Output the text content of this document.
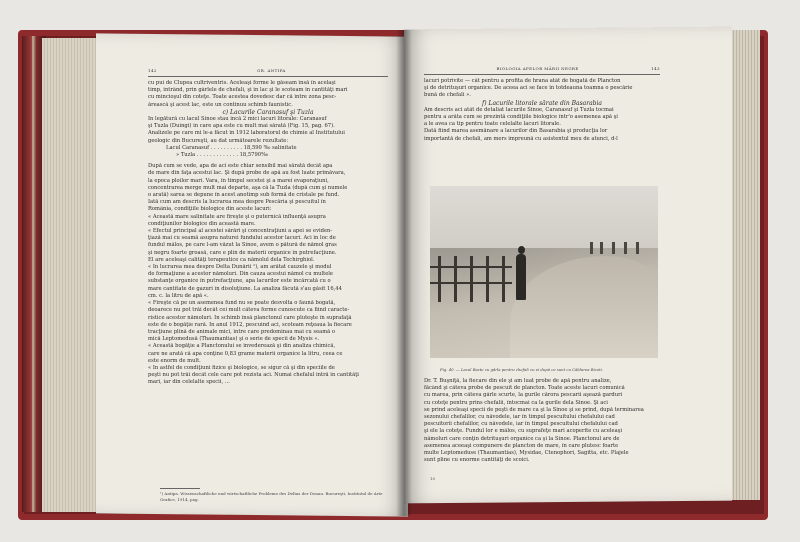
142	GR. ANTIPA
cu pui de Clupea cultriventris. Aceleaşi forme le găseam însă în acelaşi
timp, intrând, prin gârlele de chefali, şi în lac şi le scoteam în cantităţi mari
cu mincioşul din coteţe. Toate acestea dovedesc dar că între zona pesc-
ărească şi acest lac, este un continuu schimb faunistic.

c) Lacurile Caranasuf şi Tuzla

In legătură cu lacul Sinoe stau încă 2 mici lacuri litorale: Caranasuf
şi Tuzla (Duingi) în care apa este cu mult mai sărată (Fig. 15, pag. 67).
Analizele pe care mi le-a făcut în 1912 laboratorul de chimie al Institutului
geologic din Bucureşti, au dat următoarele rezultate:

Lacul Caranasuf . . . . . . . . . . 18,590 ‰ salinitate

» Tuzla . . . . . . . . . . . . . 18,5790‰

După cum se vede, apa de aci este chiar sensibil mai sărată decât apa
de mare din faţa acestui lac. Şi după probe de apă au fost luate primăvara,
la epoca ploilor mari. Vara, în timpul secetei şi a marei evaporaţiuni,
concentrarea merge mult mai departe, aşa că la Tuzla (după cum şi numele
o arată) sarea se depune în acest anotimp sub formă de cristale pe fund.
Iată cum am descris la lucrarea mea despre Pescăria şi pescuitul în
România, condiţiile biologice din aceste lacuri:
« Această mare salinitate are fireşte şi o puternică influenţă asupra
condiţiunilor biologice din această mare.
« Efectul principal al acestei sărări şi concentraţiuni a apei se eviden-
ţiază mai cu seamă asupra naturei fundului acestor lacuri. Aci în loc de
fundul mâlos, pe care l-am văzut la Sinoe, avem o pătură de nămol gras
şi negru foarte groasă, care e plin de materii organice în putrefacţiune.
El are aceleaşi calităţi terapeutice ca nămolul dela Techirghiol.
« In lucrarea mea despre Delta Dunării ¹), am arătat cauzele şi modul
de formaţiune a acestor nămoluri. Din cauza acestui nămol cu multele
substanţe organice în putrefacţiune, apa lacurilor este încărcată cu o
mare cantitate de gazuri în disoluţiune. La analiza făcută s'au găsit 16,44
cm. c. la litru de apă «.
« Fireşte că pe un asemenea fund nu se poate desvolta o faună bogată,
deoarece nu pot trăi decât cei mult câteva forme cunoscute ca fiind caracte-
ristice acestor nămoluri. In schimb însă planctonul care pluteşte în suprafaţă
este de o bogăţie rară. In anul 1912, pescuind aci, scoteam reţeaua la fiecare
tracţiune plină de animale mici, între care predominau mai cu seamă o
mică Leptomedusă (Thaumantias) şi o serie de specii de Mysis «.
« Această bogăţie a Planctonului se învederează şi din analiza chimică,
care ne arată că apa conţine 0,83 grame materii organice la litru, ceea ce
este enorm de mult.
« In astfel de condiţiuni fizice şi biologice, se sigur că şi din speciile de
peşti nu pot trăi decât cele care pot rezista aci. Numai chefalul intră în cantităţi
mari, iar din celelalte specii, ...
¹) Antipa. Wissenschaftliche und wirtschaftliche Probleme des Deltas der Donau. Bucureşti, Institutul de Arte Grafice, 1914, pag.
BIOLOGIA APELOR MĂRII NEGRE	143
lacuri potrivite — cât pentru a profita de hrana atât de bogată de Plancton
şi de detrituşuri organice. De aceea aci se face în totdeauna toamna o pescărie
bună de chefali ».

f) Lacurile litorale sărate din Basarabia

Am descris aci atât de detaliat lacurile Sinoe, Caranasuf şi Tuzla tocmai
pentru a arăta cum se prezintă condiţiile biologice într'o asemenea apă şi
a le avea ca tip pentru toate celelalte lacuri litorale.
Dată fiind marea asemănare a lacurilor din Basarabia şi producţia lor
importantă de chefali, am mers împreună cu asistentul meu de atunci, d-l
Fig. 40. — Lacul Bazte cu gârla pentru chefali cu ei după ce sunt cu Căldarea Bicoti.
Dr. T. Buşniţă, la fiecare din ele şi am luat probe de apă pentru analize,
făcând şi câteva probe de pescuit de plancton. Toate aceste lacuri comunică
cu marea, prin câteva gârle scurte, la gurile cărora pescarii aşează garduri
cu coteţe pentru prins chefalii, întocmai ca la gurile dela Sinoe. Şi aci
se prind aceleaşi specii de peşti de mare ca şi la Sinoe şi se prind, după terminarea
sezonului chefalilor, cu năvodele, iar în timpul pescuitului chefalului cad
pescuitorii chefalilor, cu năvodele, iar în timpul pescuitului chefalului cad
şi ele la coteţe. Fundul lor e mâlos, cu suprafeţe mari acoperite cu aceleaşi
nămoluri care conţin detrituşuri organice ca şi la Sinoe. Planctonul are de
asemenea aceeaşi compunere de plancton de mare, în care plutesc foarte
multe Leptomeduse (Thaumantias), Mysidae, Ctenophori, Sagitta, etc. Plajele
sunt pline cu enorme cantităţi de scoici.
10
